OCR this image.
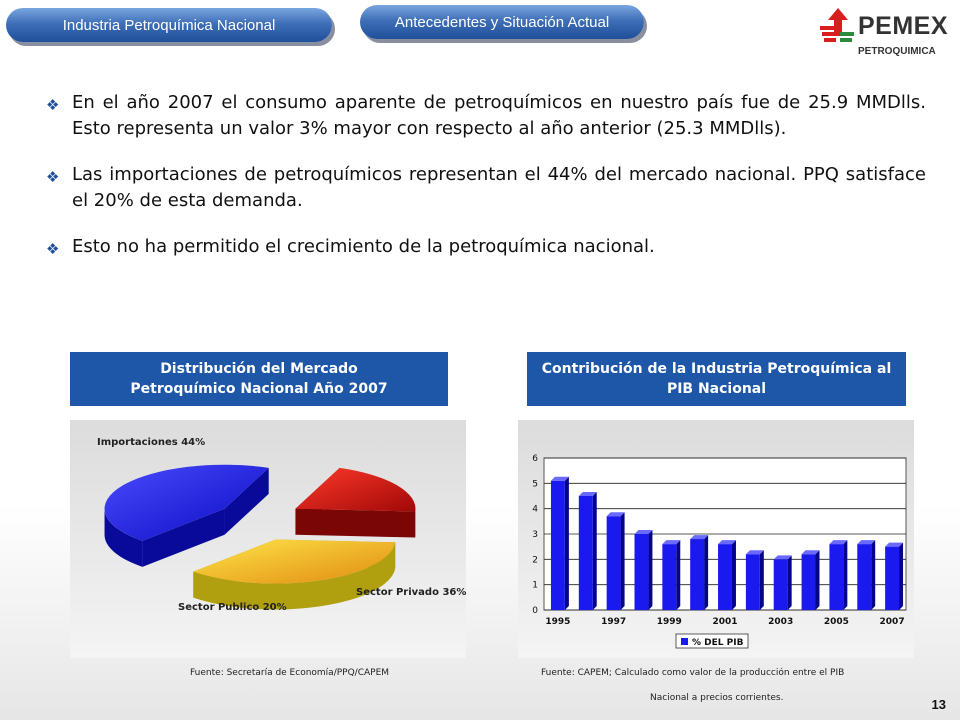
Industria Petroquímica Nacional	Antecedentes y Situación Actual	PEMEX
PETROQUIMICA
❖ En el año 2007 el consumo aparente de petroquímicos en nuestro país fue de 25.9 MMDlls. Esto representa un valor 3% mayor con respecto al año anterior (25.3 MMDlls).
❖ Las importaciones de petroquímicos representan el 44% del mercado nacional. PPQ satisface el 20% de esta demanda.
❖ Esto no ha permitido el crecimiento de la petroquímica nacional.
Distribución del Mercado
Petroquímico Nacional Año 2007
Contribución de la Industria Petroquímica al
PIB Nacional
Importaciones 44%
Sector Publico 20%
Sector Privado 36%
0
1
2
3
4
5
6
1995	1997	1999	2001	2003	2005	2007
% DEL PIB
Fuente: Secretaría de Economía/PPQ/CAPEM	Fuente: CAPEM; Calculado como valor de la producción entre el PIB
Nacional a precios corrientes.	13
